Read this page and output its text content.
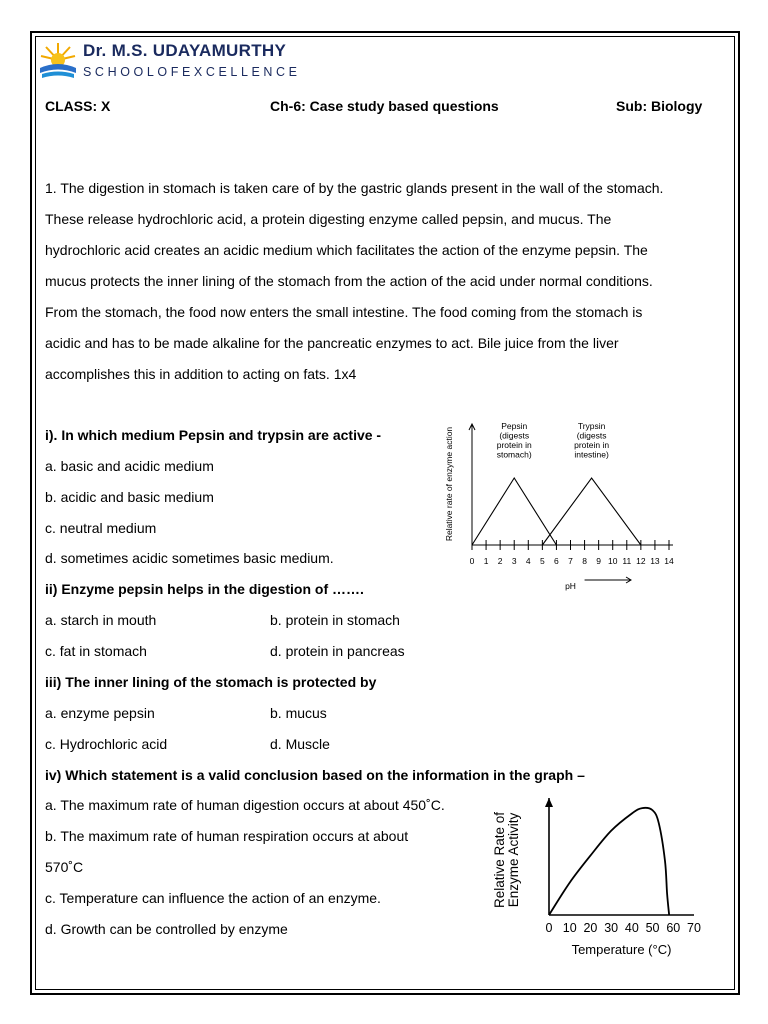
Dr. M.S. UDAYAMURTHY
SCHOOLOFEXCELLENCE
CLASS: X	Ch-6: Case study based questions	Sub: Biology
1. The digestion in stomach is taken care of by the gastric glands present in the wall of the stomach.
These release hydrochloric acid, a protein digesting enzyme called pepsin, and mucus. The
hydrochloric acid creates an acidic medium which facilitates the action of the enzyme pepsin. The
mucus protects the inner lining of the stomach from the action of the acid under normal conditions.
From the stomach, the food now enters the small intestine. The food coming from the stomach is
acidic and has to be made alkaline for the pancreatic enzymes to act. Bile juice from the liver
accomplishes this in addition to acting on fats. 1x4
i). In which medium Pepsin and trypsin are active -
a. basic and acidic medium
b. acidic and basic medium
c. neutral medium
d. sometimes acidic sometimes basic medium.
ii) Enzyme pepsin helps in the digestion of …….
a. starch in mouth	b. protein in stomach
c. fat in stomach	d. protein in pancreas
iii) The inner lining of the stomach is protected by
a. enzyme pepsin	b. mucus
c. Hydrochloric acid	d. Muscle
iv) Which statement is a valid conclusion based on the information in the graph –
a. The maximum rate of human digestion occurs at about 450˚C.
b. The maximum rate of human respiration occurs at about
570˚C
c. Temperature can influence the action of an enzyme.
d. Growth can be controlled by enzyme
0 1 2 3 4 5 6 7 8 9 10 11 12 13 14
pH
Relative rate of enzyme action
Pepsin
(digests
protein in
stomach)
Trypsin
(digests
protein in
intestine)
0 10 20 30 40 50 60 70
Temperature (°C)
Relative Rate of Enzyme Activity
